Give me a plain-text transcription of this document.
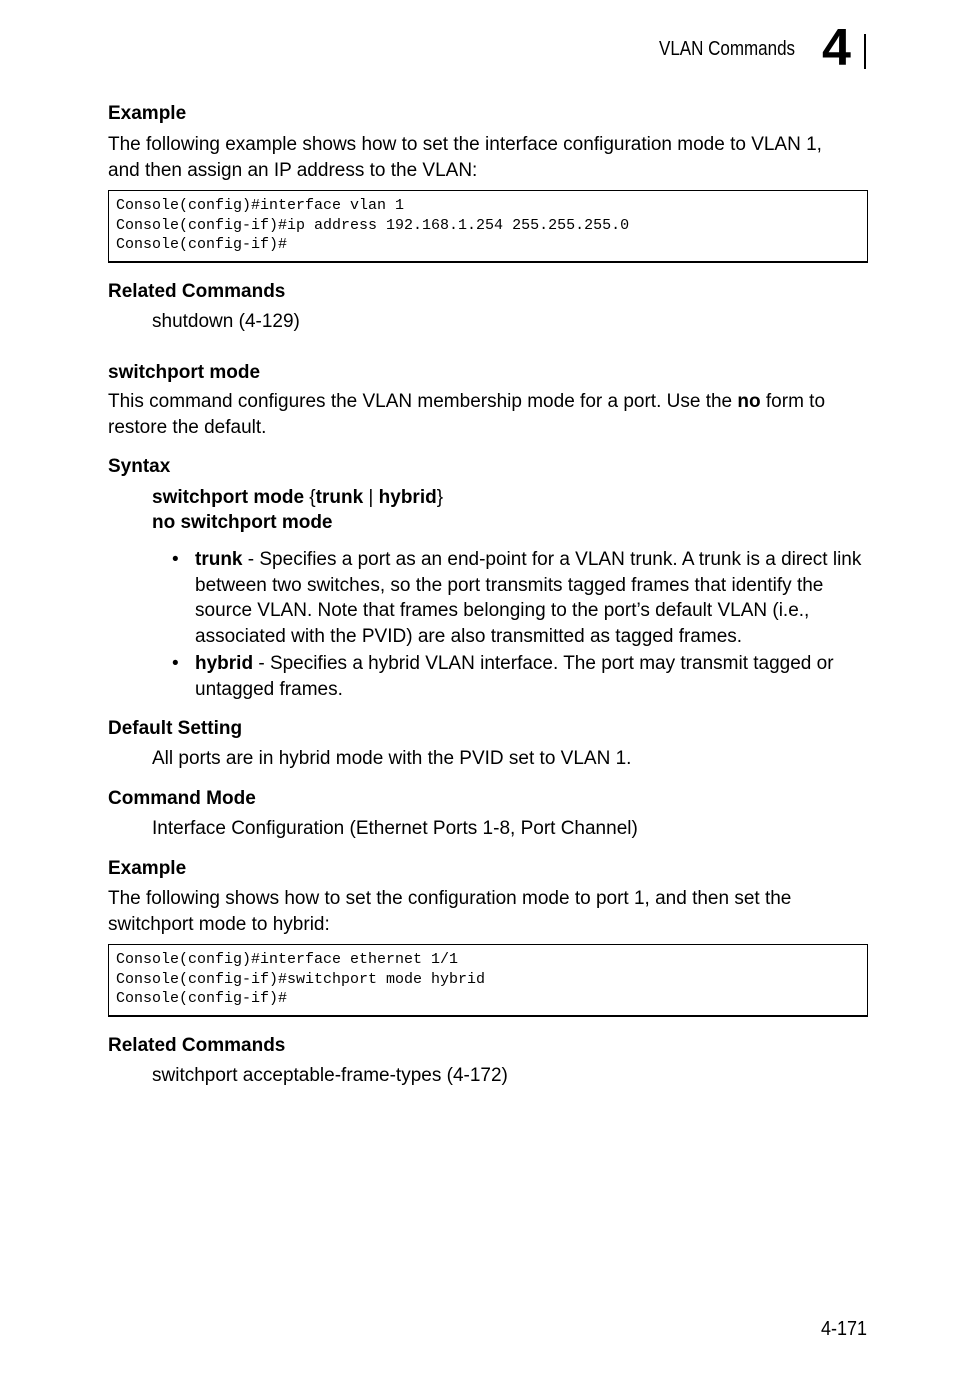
VLAN Commands 4
Example
The following example shows how to set the interface configuration mode to VLAN 1, and then assign an IP address to the VLAN:
Console(config)#interface vlan 1
Console(config-if)#ip address 192.168.1.254 255.255.255.0
Console(config-if)#
Related Commands
shutdown (4-129)
switchport mode
This command configures the VLAN membership mode for a port. Use the no form to restore the default.
Syntax
switchport mode {trunk | hybrid}
no switchport mode
• trunk - Specifies a port as an end-point for a VLAN trunk. A trunk is a direct link between two switches, so the port transmits tagged frames that identify the source VLAN. Note that frames belonging to the port’s default VLAN (i.e., associated with the PVID) are also transmitted as tagged frames.
• hybrid - Specifies a hybrid VLAN interface. The port may transmit tagged or untagged frames.
Default Setting
All ports are in hybrid mode with the PVID set to VLAN 1.
Command Mode
Interface Configuration (Ethernet Ports 1-8, Port Channel)
Example
The following shows how to set the configuration mode to port 1, and then set the switchport mode to hybrid:
Console(config)#interface ethernet 1/1
Console(config-if)#switchport mode hybrid
Console(config-if)#
Related Commands
switchport acceptable-frame-types (4-172)
4-171
